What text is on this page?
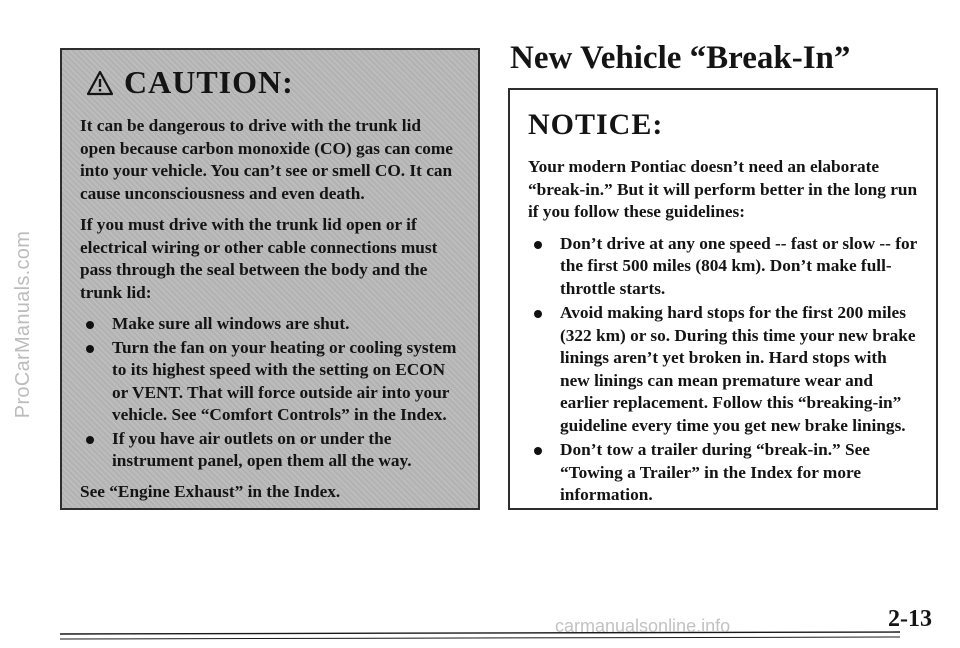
ProCarManuals.com
CAUTION:

It can be dangerous to drive with the trunk lid open because carbon monoxide (CO) gas can come into your vehicle. You can’t see or smell CO. It can cause unconsciousness and even death.

If you must drive with the trunk lid open or if electrical wiring or other cable connections must pass through the seal between the body and the trunk lid:

Make sure all windows are shut.
Turn the fan on your heating or cooling system to its highest speed with the setting on ECON or VENT. That will force outside air into your vehicle. See “Comfort Controls” in the Index.
If you have air outlets on or under the instrument panel, open them all the way.

See “Engine Exhaust” in the Index.

New Vehicle “Break-In”
NOTICE:

Your modern Pontiac doesn’t need an elaborate “break-in.” But it will perform better in the long run if you follow these guidelines:

Don’t drive at any one speed -- fast or slow -- for the first 500 miles (804 km). Don’t make full-throttle starts.
Avoid making hard stops for the first 200 miles (322 km) or so. During this time your new brake linings aren’t yet broken in. Hard stops with new linings can mean premature wear and earlier replacement. Follow this “breaking-in” guideline every time you get new brake linings.
Don’t tow a trailer during “break-in.” See “Towing a Trailer” in the Index for more information.
2-13
carmanualsonline.info
